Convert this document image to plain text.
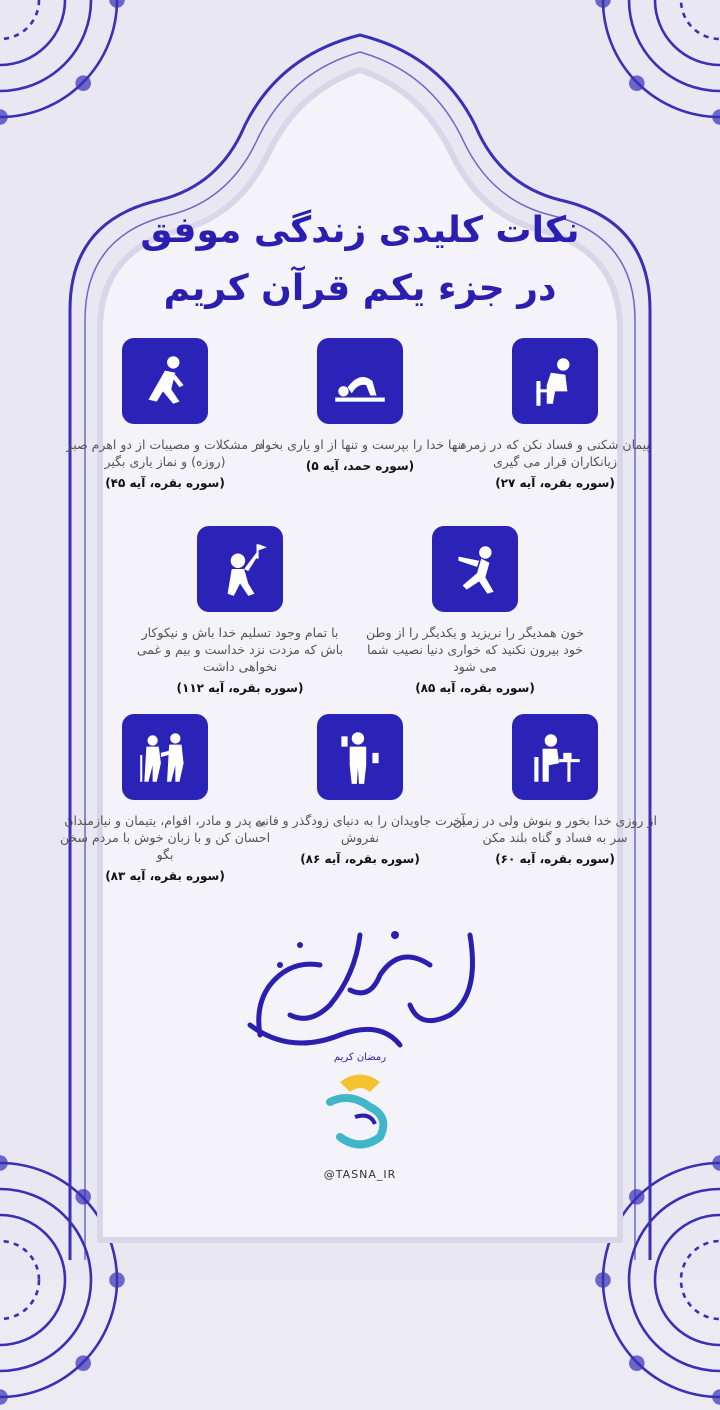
نکات کلیدی زندگی موفق
در جزء یکم قرآن کریم
در مشکلات و مصیبات از دو اهرم صبر (روزه) و نماز یاری بگیر
(سوره بقره، آیه ۴۵)
تنها خدا را بپرست و تنها از او یاری بخواه
(سوره حمد، آیه ۵)
پیمان شکنی و فساد نکن که در زمره زیانکاران قرار می گیری
(سوره بقره، آیه ۲۷)
با تمام وجود تسلیم خدا باش و نیکوکار باش که مزدت نزد خداست و بیم و غمی نخواهی داشت
(سوره بقره، آیه ۱۱۲)
خون همدیگر را نریزید و یکدیگر را از وطن خود بیرون نکنید که خواری دنیا نصیب شما می شود
(سوره بقره، آیه ۸۵)
به پدر و مادر، اقوام، یتیمان و نیازمندان احسان کن و با زبان خوش با مردم سخن بگو
(سوره بقره، آیه ۸۳)
آخرت جاویدان را به دنیای زودگذر و فانی نفروش
(سوره بقره، آیه ۸۶)
از روزی خدا بخور و بنوش ولی در زمین سر به فساد و گناه بلند مکن
(سوره بقره، آیه ۶۰)
رمضان کریم
@TASNA_IR
